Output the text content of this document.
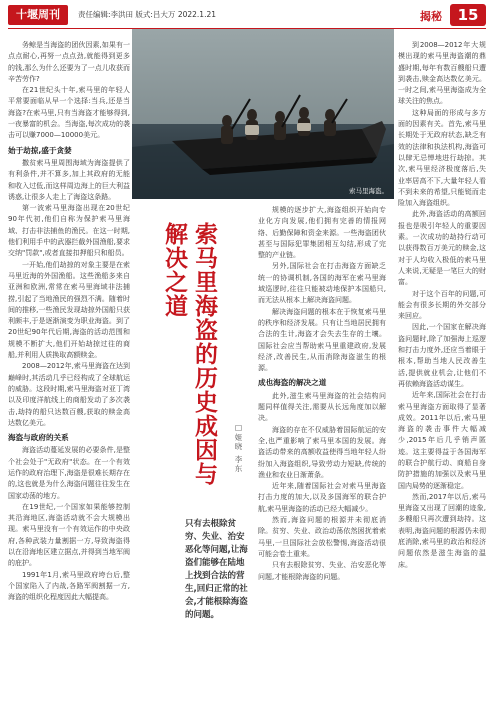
十堰周刊	责任编辑:李洪田 版式:吕大万 2022.1.21	揭秘	15

务鲸是当海盗的团伙因素,如果有一点点耐心,再努一点点劲,就能得到更多的钱,那么为什么还要为了一点儿收获而辛苦劳作?

在21世纪头十年,索马里的年轻人平常要面临从早一个选择:当兵,还是当海盗?在索马里,只有当海盗才能够得到,一夜暴富的机会。当海盗,每次成功的袭击可以赚7000—10000美元。

始于劫掠,盛于贪婪

撒贫索马里周围海域为海盗提供了有利条件,并不算多,加上其政府的无能和收入过低,而这样周边海上的巨大利益诱惑,让很多人走上了海盗这条路。

第一波索马里海盗出现在20世纪90年代初,他们自称为保护索马里海域、打击非法捕鱼的渔民。在这一时期,他们利用手中的武器拦截外国渔船,要求交纳"罚款",或者直接扣押船只和船员。

一开始,他们劫掠的对象主要是在索马里近海的外国渔船。这些渔船多来自亚洲和欧洲,常常在索马里海域非法捕捞,引起了当地渔民的强烈不满。随着时间的推移,一些渔民发现劫掠外国船只获利颇丰,于是逐渐演变为职业海盗。到了20世纪90年代后期,海盗的活动范围和规模不断扩大,他们开始劫掠过往的商船,并利用人质换取高额赎金。

2008—2012年,索马里海盗在达到巅峰时,其活动几乎已经构成了全球航运的威胁。这段时期,索马里海盗对亚丁湾以及印度洋航线上的商船发动了多次袭击,劫持的船只达数百艘,获取的赎金高达数亿美元。

海盗与政府的关系

海盗活动蔓延发展的必要条件,是整个社会处于"无政府"状态。在一个有效运作的政府治理下,海盗是很难长期存在的,这也就是为什么海盗问题往往发生在国家动荡的地方。

在19世纪,一个国家如果能够控制其沿海地区,海盗活动就不会大规模出现。索马里没有一个有效运作的中央政府,各种武装力量割据一方,导致海盗得以在沿海地区建立据点,并得到当地军阀的庇护。

1991年1月,索马里政府垮台后,整个国家陷入了内战,各路军阀割据一方,海盗的组织化程度因此大幅提高。

索马里海盗。
索马里海盗的历史成因与解决之道
□姬晓 李东

规模的逐步扩大,海盗组织开始向专业化方向发展,他们拥有完善的情报网络、后勤保障和资金来源。一些海盗团伙甚至与国际犯罪集团相互勾结,形成了完整的产业链。

另外,国际社会在打击海盗方面缺乏统一的协调机制,各国的海军在索马里海域巡逻时,往往只能被动地保护本国船只,而无法从根本上解决海盗问题。

解决海盗问题的根本在于恢复索马里的秩序和经济发展。只有让当地居民拥有合法的生计,海盗才会失去生存的土壤。国际社会应当帮助索马里重建政府,发展经济,改善民生,从而消除海盗滋生的根源。

成也海盗的解决之道

此外,滋生索马里海盗的社会结构问题同样值得关注,需要从长远角度加以解决。

海盗的存在不仅威胁着国际航运的安全,也严重影响了索马里本国的发展。海盗活动带来的高额收益使得当地年轻人纷纷加入海盗组织,导致劳动力短缺,传统的渔业和农业日渐萧条。

近年来,随着国际社会对索马里海盗打击力度的加大,以及多国海军的联合护航,索马里海盗的活动已经大幅减少。

然而,海盗问题的根源并未彻底消除。贫穷、失业、政治动荡依然困扰着索马里,一旦国际社会放松警惕,海盗活动很可能会卷土重来。

只有去根除贫穷、失业、治安恶化等问题,才能根除海盗的问题。

只有去根除贫穷、失业、治安恶化等问题,让海盗们能够在陆地上找到合法的营生,回归正常的社会,才能根除海盗的问题。

到2008—2012年大规模出现的索马里海盗潮的鼎盛时期,每年有数百艘船只遭到袭击,赎金高达数亿美元。一时之间,索马里海盗成为全球关注的焦点。

这种局面的形成与多方面的因素有关。首先,索马里长期处于无政府状态,缺乏有效的法律和执法机构,海盗可以肆无忌惮地进行劫掠。其次,索马里经济极度落后,失业率居高不下,大量年轻人看不到未来的希望,只能铤而走险加入海盗组织。

此外,海盗活动的高额回报也是吸引年轻人的重要因素。一次成功的劫持行动可以获得数百万美元的赎金,这对于人均收入极低的索马里人来说,无疑是一笔巨大的财富。

对于这个百年的问题,可能会有很多长期的外交部分来回应。

因此,一个国家在解决海盗问题时,除了加强海上巡逻和打击力度外,还应当着眼于根本,帮助当地人民改善生活,提供就业机会,让他们不再依赖海盗活动谋生。

近年来,国际社会在打击索马里海盗方面取得了显著成效。2011年以后,索马里海盗的袭击事件大幅减少,2015年后几乎销声匿迹。这主要得益于各国海军的联合护航行动、商船自身防护措施的加强以及索马里国内局势的逐渐稳定。

然而,2017年以后,索马里海盗又出现了回潮的迹象,多艘船只再次遭到劫持。这表明,海盗问题的根源仍未彻底消除,索马里的政治和经济问题依然是滋生海盗的温床。
